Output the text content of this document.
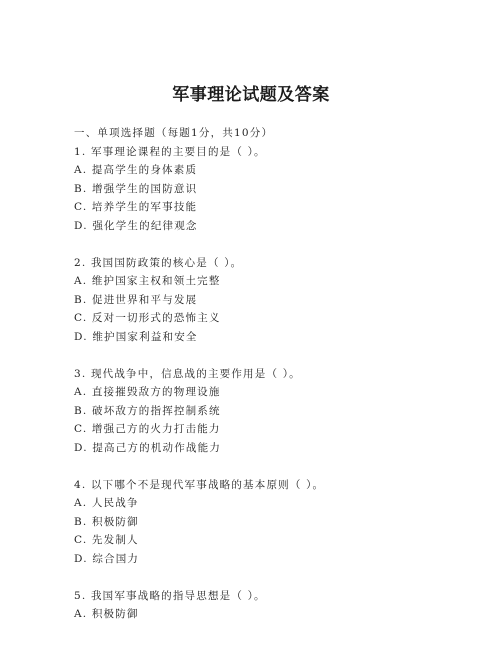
军事理论试题及答案
一、单项选择题（每题1分，共10分）
1. 军事理论课程的主要目的是（ ）。
A. 提高学生的身体素质
B. 增强学生的国防意识
C. 培养学生的军事技能
D. 强化学生的纪律观念
2. 我国国防政策的核心是（ ）。
A. 维护国家主权和领土完整
B. 促进世界和平与发展
C. 反对一切形式的恐怖主义
D. 维护国家利益和安全
3. 现代战争中，信息战的主要作用是（ ）。
A. 直接摧毁敌方的物理设施
B. 破坏敌方的指挥控制系统
C. 增强己方的火力打击能力
D. 提高己方的机动作战能力
4. 以下哪个不是现代军事战略的基本原则（ ）。
A. 人民战争
B. 积极防御
C. 先发制人
D. 综合国力
5. 我国军事战略的指导思想是（ ）。
A. 积极防御
